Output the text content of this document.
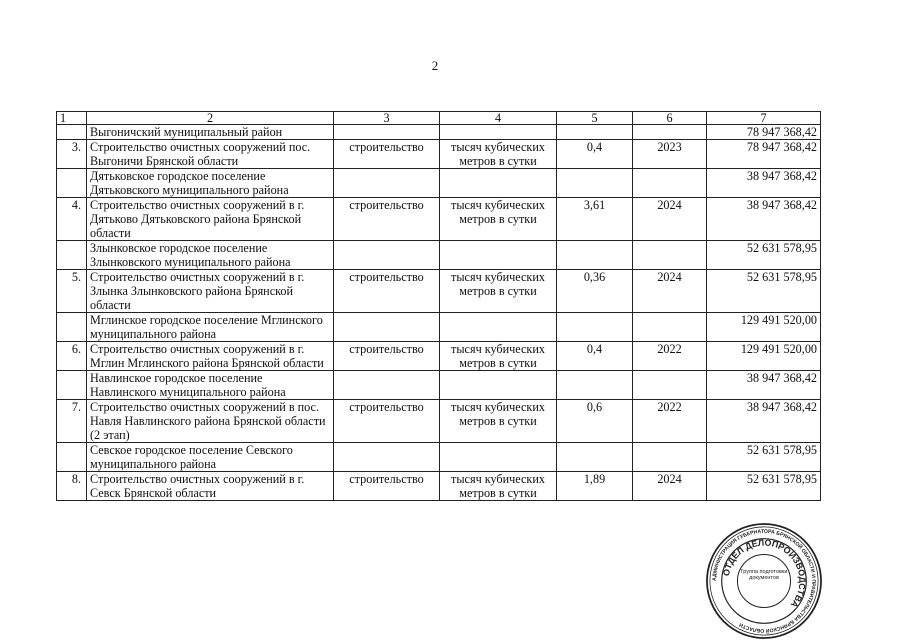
2
1	2	3	4	5	6	7
	Выгоничский муниципальный район					78 947 368,42
3.	Строительство очистных сооружений пос. Выгоничи Брянской области	строительство	тысяч кубических метров в сутки	0,4	2023	78 947 368,42
	Дятьковское городское поселение Дятьковского муниципального района					38 947 368,42
4.	Строительство очистных сооружений в г. Дятьково Дятьковского района Брянской области	строительство	тысяч кубических метров в сутки	3,61	2024	38 947 368,42
	Злынковское городское поселение Злынковского муниципального района					52 631 578,95
5.	Строительство очистных сооружений в г. Злынка Злынковского района Брянской области	строительство	тысяч кубических метров в сутки	0,36	2024	52 631 578,95
	Мглинское городское поселение Мглинского муниципального района					129 491 520,00
6.	Строительство очистных сооружений в г. Мглин Мглинского района Брянской области	строительство	тысяч кубических метров в сутки	0,4	2022	129 491 520,00
	Навлинское городское поселение Навлинского муниципального района					38 947 368,42
7.	Строительство очистных сооружений в пос. Навля Навлинского района Брянской области (2 этап)	строительство	тысяч кубических метров в сутки	0,6	2022	38 947 368,42
	Севское городское поселение Севского муниципального района					52 631 578,95
8.	Строительство очистных сооружений в г. Севск Брянской области	строительство	тысяч кубических метров в сутки	1,89	2024	52 631 578,95
АДМИНИСТРАЦИЯ ГУБЕРНАТОРА БРЯНСКОЙ ОБЛАСТИ И ПРАВИТЕЛЬСТВА БРЯНСКОЙ ОБЛАСТИ
ОТДЕЛ ДЕЛОПРОИЗВОДСТВА
Группа подготовки документов
